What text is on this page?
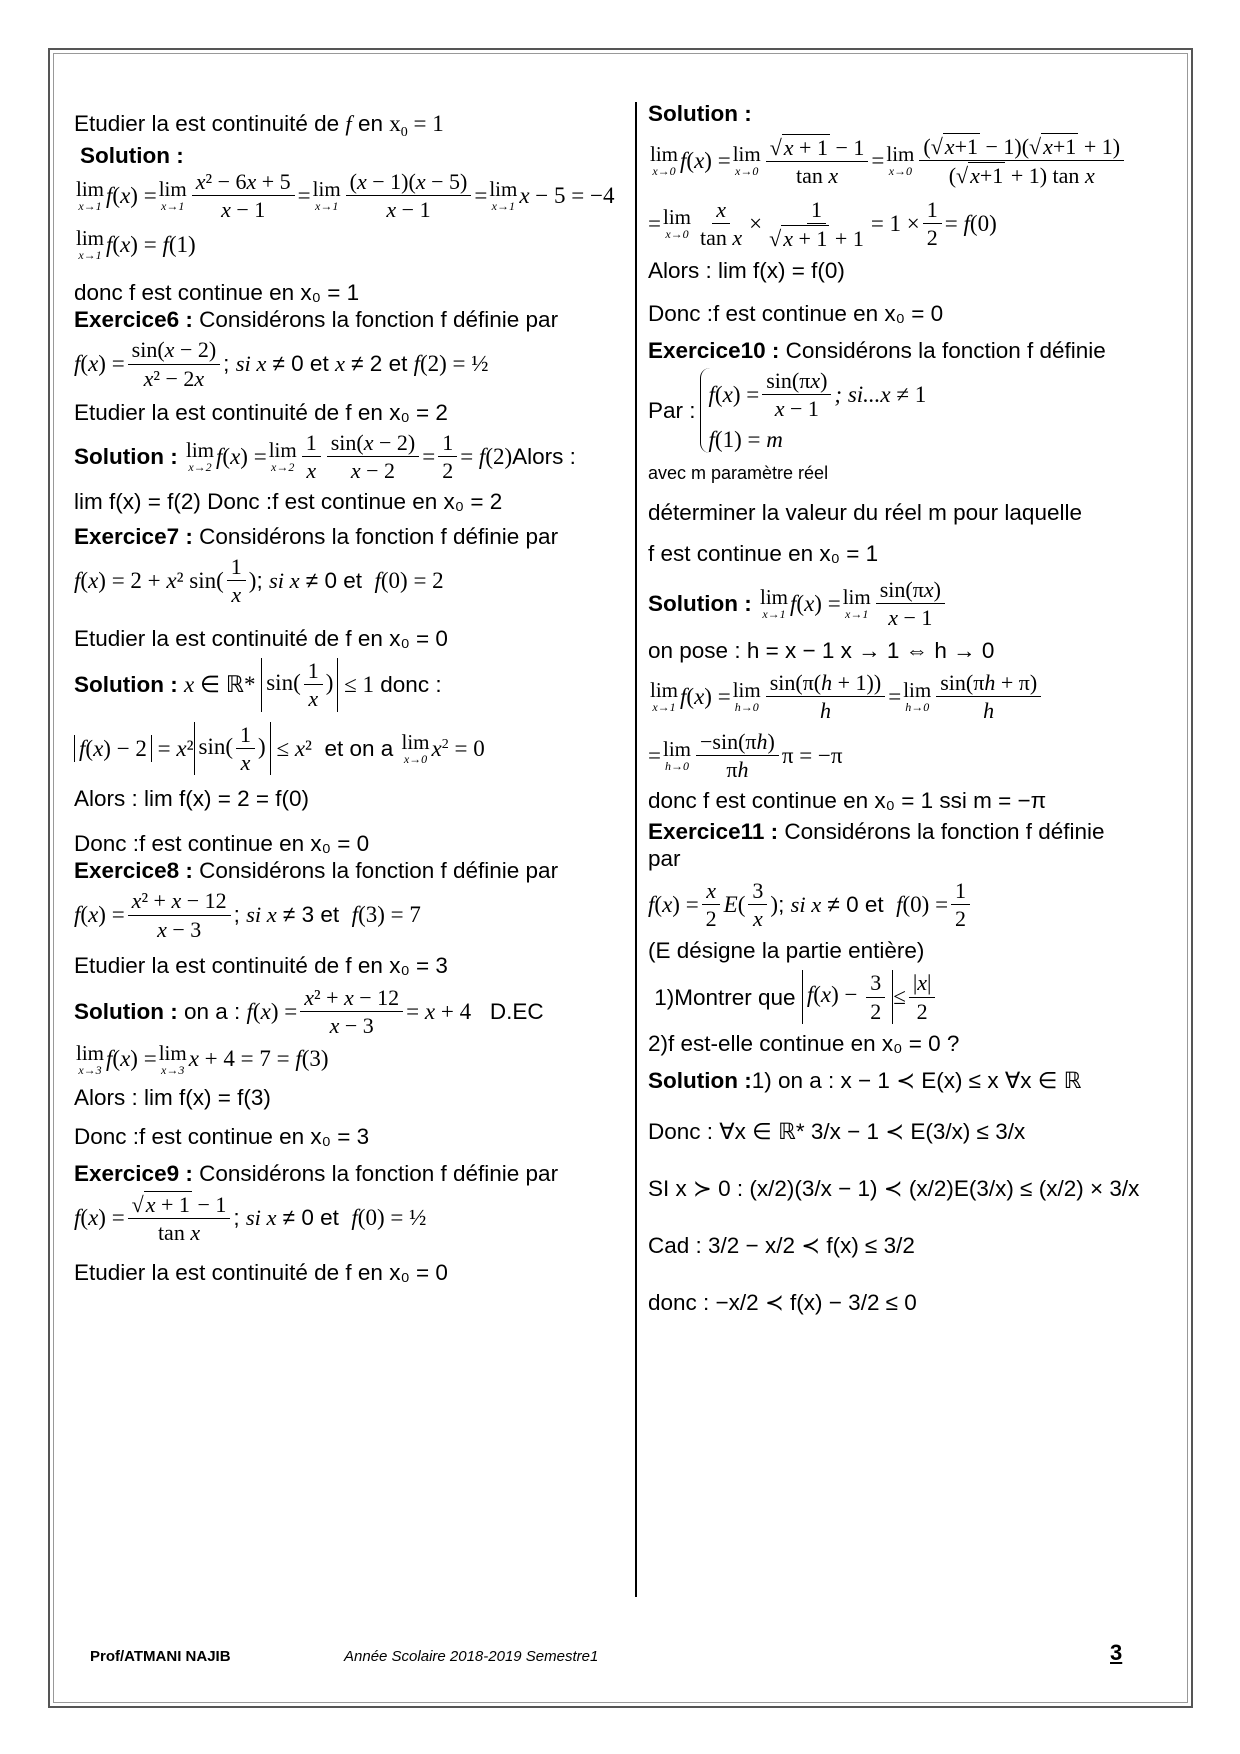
Etudier la est continuité de f en $x_0 = 1$
Solution :
lim
x→1 f(x) = lim
$x\to 1 \frac{\text{x² − 6x + 5}}{x - 1} = \lim$
$x\to 1 \frac{(x - 1)(x - 5)}{x - 1} = \lim$
x→1 x − 5 = −4
lim
x→1 f(x) = f(1)
donc f est continue en x₀ = 1
Exercice6 : Considérons la fonction f définie par
$f(x) = \frac{\sin(x - 2)}{\text{x² − 2x}}$ ; si x ≠ 0 et x ≠ 2 et f(2) = ½
Etudier la est continuité de f en x₀ = 2
Solution :
lim
x→2 f(x) = lim
$x\to 2 \frac{1}{x} \frac{\sin(x - 2)}{x - 2} = \frac{1}{2} = f(2)$ Alors :
lim f(x) = f(2) Donc :f est continue en x₀ = 2
Exercice7 : Considérons la fonction f définie par
f(x) = 2 + x² sin ( $\frac{1}{x}$ ) ; si x ≠ 0 et  f(0) = 2
Etudier la est continuité de f en x₀ = 0
Solution :
x ∈ ℝ* $\sin( \frac{1}{x}$ ) ≤ 1 donc :
f(x) − 2 = x² $\sin( \frac{1}{x}$ ) ≤ x² et on a lim
x→0 $x^2 = 0$
Alors : lim f(x) = 2 = f(0)
Donc :f est continue en x₀ = 0
Exercice8 : Considérons la fonction f définie par
$f(x) = \frac{\text{x² + x − 12}}{x - 3}$ ; si x ≠ 3 et  f(3) = 7
Etudier la est continuité de f en x₀ = 3
Solution : on a : $f(x) = \frac{\text{x² + x − 12}}{x - 3} = x + 4$ D.EC
lim
x→3 f(x) = lim
x→3 x + 4 = 7 = f(3)
Alors : lim f(x) = f(3)
Donc :f est continue en x₀ = 3
Exercice9 : Considérons la fonction f définie par
$f(x) = \frac{√x + 1 - 1}{\text{tan x}}$ ; si x ≠ 0 et  f(0) = ½
Etudier la est continuité de f en x₀ = 0
Solution :
lim
x→0 f(x) = lim
$x\to 0 \frac{√x + 1 - 1}{\text{tan x}} = \lim$
$x\to 0 \frac{(√x+1 - 1)(√x+1 + 1)}{\text{(√x+1 + 1) tan x}}$
= lim
$x\to 0 \frac{x}{\text{tan x}} \times \frac{1}{√x + 1 + 1} = 1 \times \frac{1}{2} = f(0)$
Alors : lim f(x) = f(0)
Donc :f est continue en x₀ = 0
Exercice10 : Considérons la fonction f définie
Par :
$f(x) = \frac{\sin(\pi x)}{x - 1}$ ; si...x ≠ 1
f(1) = m
avec m paramètre réel
déterminer la valeur du réel m pour laquelle
f est continue en x₀ = 1
Solution :
lim
x→1 f(x) = lim
$x\to 1 \frac{\sin(\pi x)}{x - 1}$
on pose : h = x − 1 x → 1 ⇔ h → 0
lim
x→1 f(x) = lim
$h\to 0 \frac{\sin(\pi(h + 1))}{h} = \lim$
$h\to 0 \frac{\sin(\pi h + \pi)}{h}$
= lim
$h\to 0 \frac{-\sin(\pi h)}{\pi h}$ π = −π
donc f est continue en x₀ = 1 ssi m = −π
Exercice11 : Considérons la fonction f définie
par
$f(x) = \frac{x}{2} E( \frac{3}{x}$ ) ; si x ≠ 0 et  $f(0) = \frac{1}{2}$
(E désigne la partie entière)
1)Montrer que $f(x) - \frac{3}{2} \le \frac{|x|}{2}$
2)f est-elle continue en x₀ = 0 ?
Solution :1) on a : x − 1 ≺ E(x) ≤ x ∀x ∈ ℝ
Donc : ∀x ∈ ℝ* 3/x − 1 ≺ E(3/x) ≤ 3/x
SI x ≻ 0 : (x/2)(3/x − 1) ≺ (x/2)E(3/x) ≤ (x/2) × 3/x
Cad : 3/2 − x/2 ≺ f(x) ≤ 3/2
donc : −x/2 ≺ f(x) − 3/2 ≤ 0
Prof/ATMANI NAJIB	Année Scolaire 2018-2019 Semestre1	3
